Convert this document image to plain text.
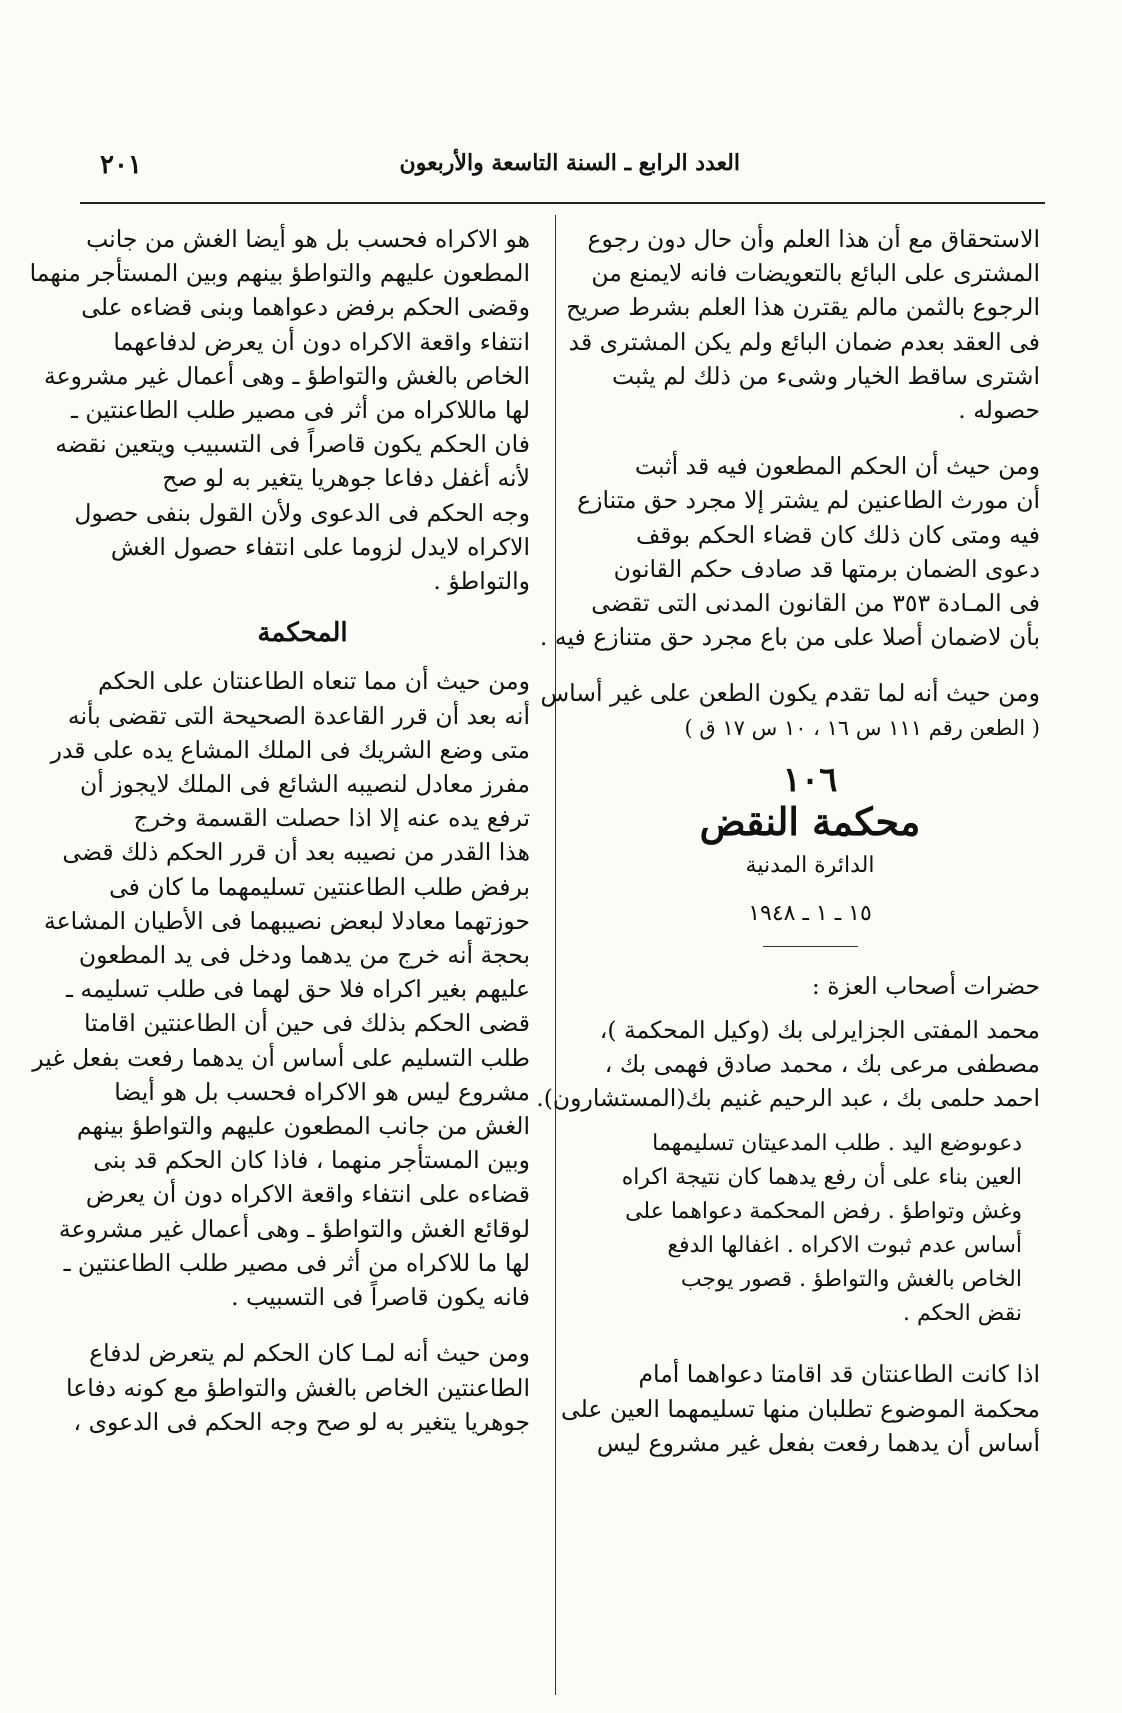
العدد الرابع ـ السنة التاسعة والأربعون
٢٠١

الاستحقاق مع أن هذا العلم وأن حال دون رجوع
المشترى على البائع بالتعويضات فانه لايمنع من
الرجوع بالثمن مالم يقترن هذا العلم بشرط صريح
فى العقد بعدم ضمان البائع ولم يكن المشترى قد
اشترى ساقط الخيار وشىء من ذلك لم يثبت
حصوله .

ومن حيث أن الحكم المطعون فيه قد أثبت
أن مورث الطاعنين لم يشتر إلا مجرد حق متنازع
فيه ومتى كان ذلك كان قضاء الحكم بوقف
دعوى الضمان برمتها قد صادف حكم القانون
فى المـادة ٣٥٣ من القانون المدنى التى تقضى
بأن لاضمان أصلا على من باع مجرد حق متنازع فيه .

ومن حيث أنه لما تقدم يكون الطعن على غير أساس
( الطعن رقم ١١١ س ١٦ ، ١٠ س ١٧ ق )

١٠٦
محكمة النقض
الدائرة المدنية
١٥ ـ ١ ـ ١٩٤٨

حضرات أصحاب العزة :

محمد المفتى الجزايرلى بك (وكيل المحكمة )،
مصطفى مرعى بك ، محمد صادق فهمى بك ،
احمد حلمى بك ، عبد الرحيم غنيم بك(المستشارون).

دعوىوضع اليد . طلب المدعيتان تسليمهما
العين بناء على أن رفع يدهما كان نتيجة اكراه
وغش وتواطؤ . رفض المحكمة دعواهما على
أساس عدم ثبوت الاكراه . اغفالها الدفع
الخاص بالغش والتواطؤ . قصور يوجب
نقض الحكم .

اذا كانت الطاعنتان قد اقامتا دعواهما أمام
محكمة الموضوع تطلبان منها تسليمهما العين على
أساس أن يدهما رفعت بفعل غير مشروع ليس

هو الاكراه فحسب بل هو أيضا الغش من جانب
المطعون عليهم والتواطؤ بينهم وبين المستأجر منهما
وقضى الحكم برفض دعواهما وبنى قضاءه على
انتفاء واقعة الاكراه دون أن يعرض لدفاعهما
الخاص بالغش والتواطؤ ـ وهى أعمال غير مشروعة
لها ماللاكراه من أثر فى مصير طلب الطاعنتين ـ
فان الحكم يكون قاصراً فى التسبيب ويتعين نقضه
لأنه أغفل دفاعا جوهريا يتغير به لو صح
وجه الحكم فى الدعوى ولأن القول بنفى حصول
الاكراه لايدل لزوما على انتفاء حصول الغش
والتواطؤ .

المحكمة

ومن حيث أن مما تنعاه الطاعنتان على الحكم
أنه بعد أن قرر القاعدة الصحيحة التى تقضى بأنه
متى وضع الشريك فى الملك المشاع يده على قدر
مفرز معادل لنصيبه الشائع فى الملك لايجوز أن
ترفع يده عنه إلا اذا حصلت القسمة وخرج
هذا القدر من نصيبه بعد أن قرر الحكم ذلك قضى
برفض طلب الطاعنتين تسليمهما ما كان فى
حوزتهما معادلا لبعض نصيبهما فى الأطيان المشاعة
بحجة أنه خرج من يدهما ودخل فى يد المطعون
عليهم بغير اكراه فلا حق لهما فى طلب تسليمه ـ
قضى الحكم بذلك فى حين أن الطاعنتين اقامتا
طلب التسليم على أساس أن يدهما رفعت بفعل غير
مشروع ليس هو الاكراه فحسب بل هو أيضا
الغش من جانب المطعون عليهم والتواطؤ بينهم
وبين المستأجر منهما ، فاذا كان الحكم قد بنى
قضاءه على انتفاء واقعة الاكراه دون أن يعرض
لوقائع الغش والتواطؤ ـ وهى أعمال غير مشروعة
لها ما للاكراه من أثر فى مصير طلب الطاعنتين ـ
فانه يكون قاصراً فى التسبيب .

ومن حيث أنه لمـا كان الحكم لم يتعرض لدفاع
الطاعنتين الخاص بالغش والتواطؤ مع كونه دفاعا
جوهريا يتغير به لو صح وجه الحكم فى الدعوى ،
